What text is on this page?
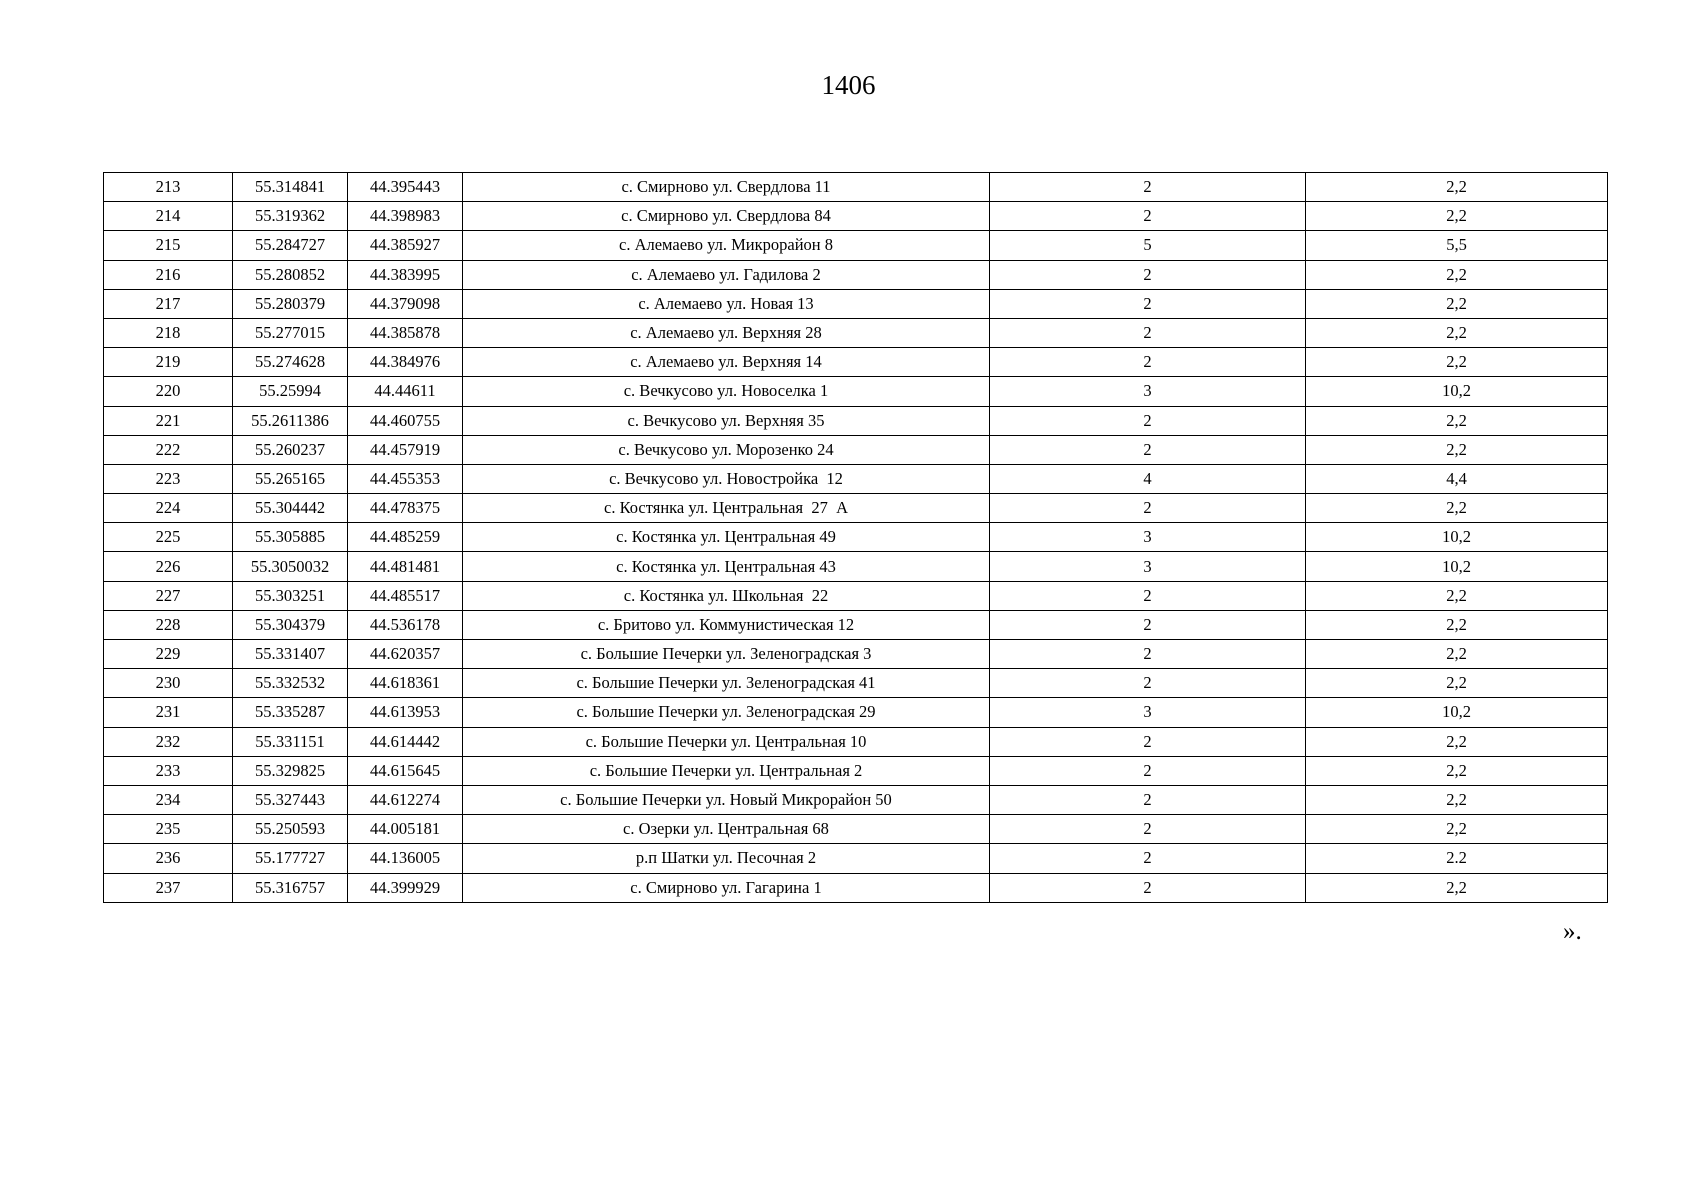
1406
213	55.314841	44.395443	с. Смирново ул. Свердлова 11	2	2,2
214	55.319362	44.398983	с. Смирново ул. Свердлова 84	2	2,2
215	55.284727	44.385927	с. Алемаево ул. Микрорайон 8	5	5,5
216	55.280852	44.383995	с. Алемаево ул. Гадилова 2	2	2,2
217	55.280379	44.379098	с. Алемаево ул. Новая 13	2	2,2
218	55.277015	44.385878	с. Алемаево ул. Верхняя 28	2	2,2
219	55.274628	44.384976	с. Алемаево ул. Верхняя 14	2	2,2
220	55.25994	44.44611	с. Вечкусово ул. Новоселка 1	3	10,2
221	55.2611386	44.460755	с. Вечкусово ул. Верхняя 35	2	2,2
222	55.260237	44.457919	с. Вечкусово ул. Морозенко 24	2	2,2
223	55.265165	44.455353	с. Вечкусово ул. Новостройка  12	4	4,4
224	55.304442	44.478375	с. Костянка ул. Центральная  27  А	2	2,2
225	55.305885	44.485259	с. Костянка ул. Центральная 49	3	10,2
226	55.3050032	44.481481	с. Костянка ул. Центральная 43	3	10,2
227	55.303251	44.485517	с. Костянка ул. Школьная  22	2	2,2
228	55.304379	44.536178	с. Бритово ул. Коммунистическая 12	2	2,2
229	55.331407	44.620357	с. Большие Печерки ул. Зеленоградская 3	2	2,2
230	55.332532	44.618361	с. Большие Печерки ул. Зеленоградская 41	2	2,2
231	55.335287	44.613953	с. Большие Печерки ул. Зеленоградская 29	3	10,2
232	55.331151	44.614442	с. Большие Печерки ул. Центральная 10	2	2,2
233	55.329825	44.615645	с. Большие Печерки ул. Центральная 2	2	2,2
234	55.327443	44.612274	с. Большие Печерки ул. Новый Микрорайон 50	2	2,2
235	55.250593	44.005181	с. Озерки ул. Центральная 68	2	2,2
236	55.177727	44.136005	р.п Шатки ул. Песочная 2	2	2.2
237	55.316757	44.399929	с. Смирново ул. Гагарина 1	2	2,2
».
